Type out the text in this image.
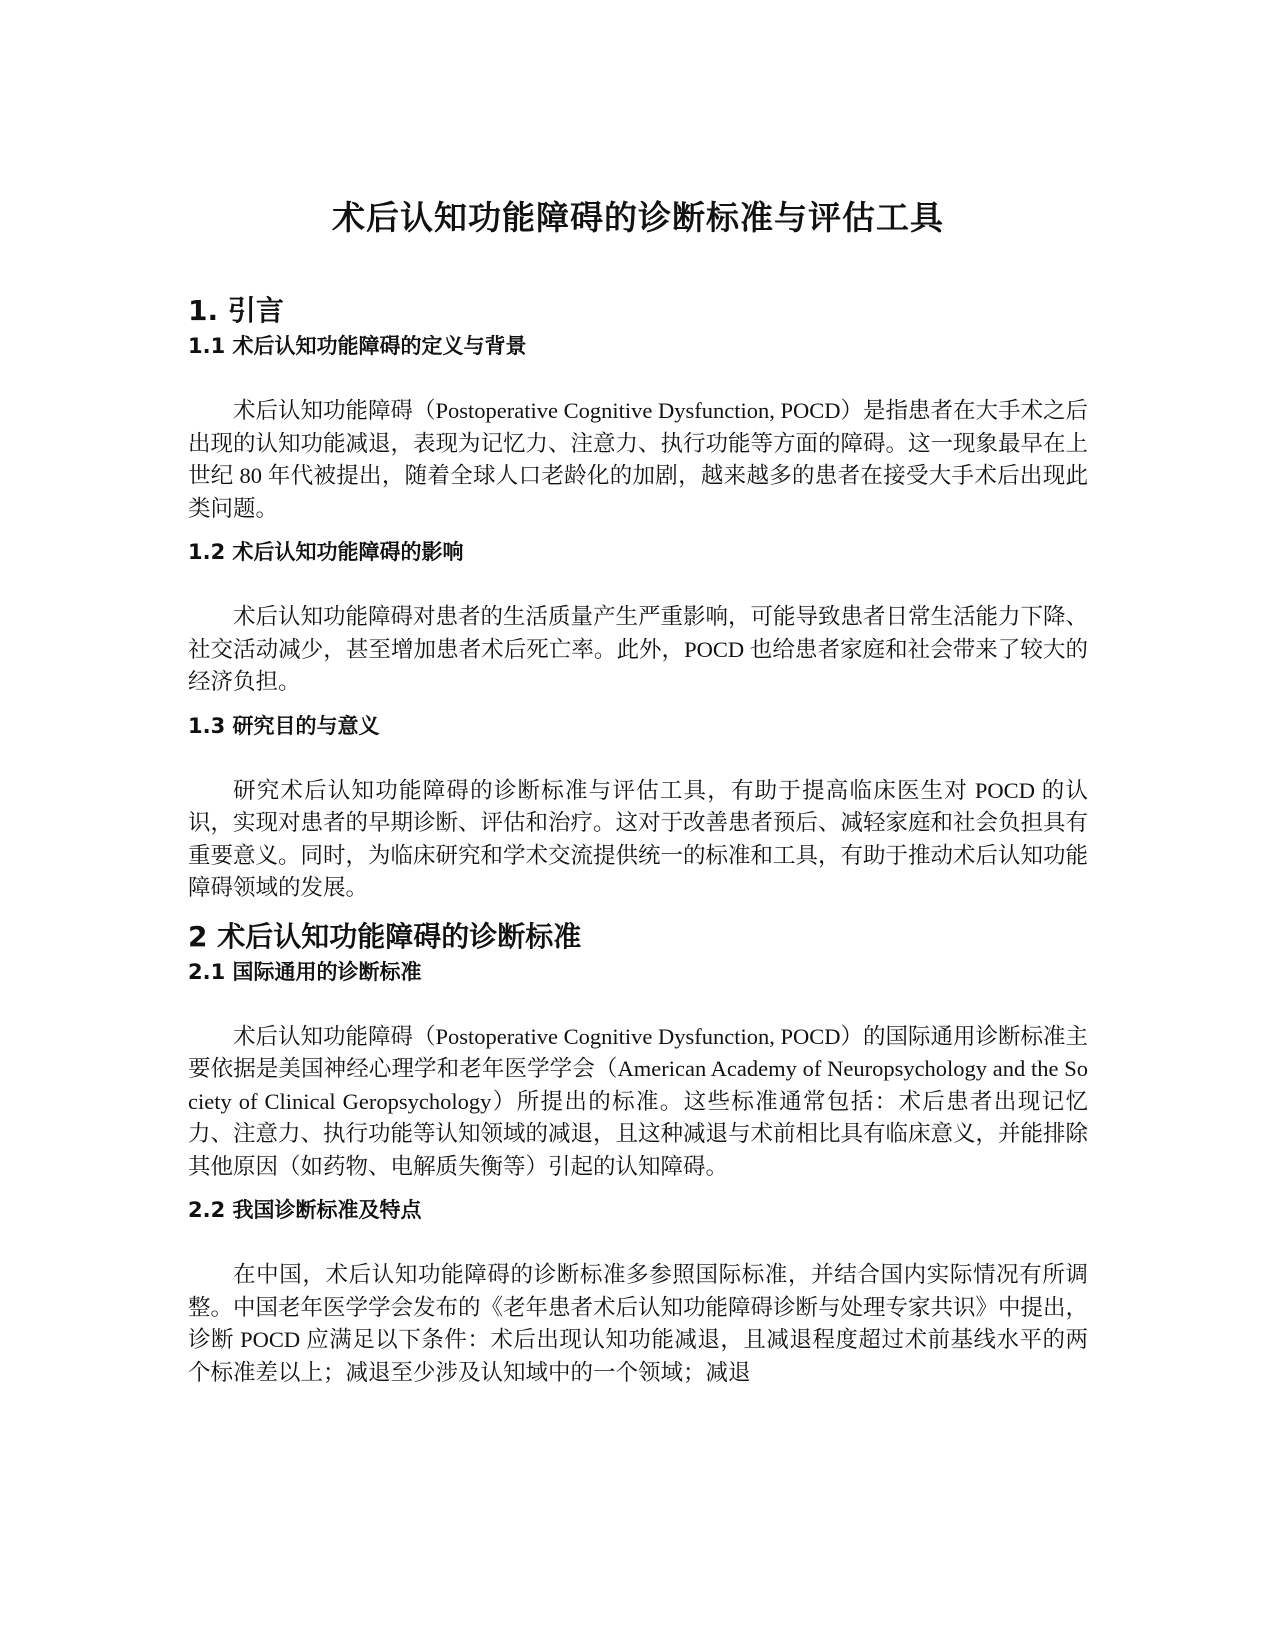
术后认知功能障碍的诊断标准与评估工具
1. 引言
1.1 术后认知功能障碍的定义与背景

术后认知功能障碍（Postoperative Cognitive Dysfunction, POCD）是指患者在大手术之后出现的认知功能减退，表现为记忆力、注意力、执行功能等方面的障碍。这一现象最早在上世纪 80 年代被提出，随着全球人口老龄化的加剧，越来越多的患者在接受大手术后出现此类问题。

1.2 术后认知功能障碍的影响

术后认知功能障碍对患者的生活质量产生严重影响，可能导致患者日常生活能力下降、社交活动减少，甚至增加患者术后死亡率。此外，POCD 也给患者家庭和社会带来了较大的经济负担。

1.3 研究目的与意义

研究术后认知功能障碍的诊断标准与评估工具，有助于提高临床医生对 POCD 的认识，实现对患者的早期诊断、评估和治疗。这对于改善患者预后、减轻家庭和社会负担具有重要意义。同时，为临床研究和学术交流提供统一的标准和工具，有助于推动术后认知功能障碍领域的发展。

2 术后认知功能障碍的诊断标准
2.1 国际通用的诊断标准

术后认知功能障碍（Postoperative Cognitive Dysfunction, POCD）的国际通用诊断标准主要依据是美国神经心理学和老年医学学会（American Academy of Neuropsychology and the Society of Clinical Geropsychology）所提出的标准。这些标准通常包括：术后患者出现记忆力、注意力、执行功能等认知领域的减退，且这种减退与术前相比具有临床意义，并能排除其他原因（如药物、电解质失衡等）引起的认知障碍。

2.2 我国诊断标准及特点

在中国，术后认知功能障碍的诊断标准多参照国际标准，并结合国内实际情况有所调整。中国老年医学学会发布的《老年患者术后认知功能障碍诊断与处理专家共识》中提出，诊断 POCD 应满足以下条件：术后出现认知功能减退，且减退程度超过术前基线水平的两个标准差以上；减退至少涉及认知域中的一个领域；减退
